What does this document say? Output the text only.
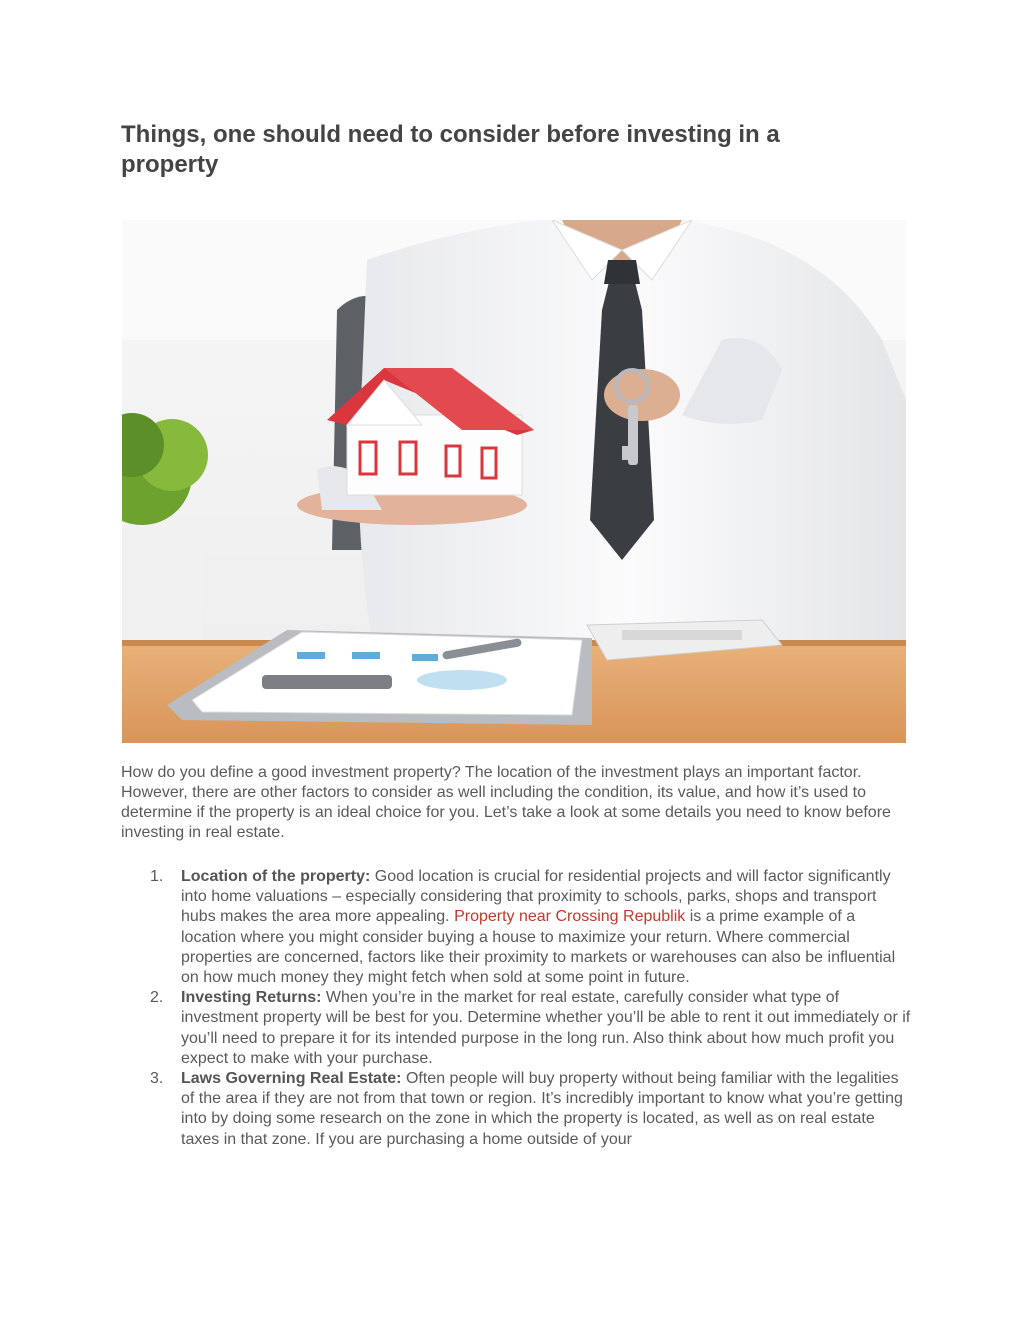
Things, one should need to consider before investing in a property

How do you define a good investment property? The location of the investment plays an important factor. However, there are other factors to consider as well including the condition, its value, and how it’s used to determine if the property is an ideal choice for you. Let’s take a look at some details you need to know before investing in real estate.

1. Location of the property: Good location is crucial for residential projects and will factor significantly into home valuations – especially considering that proximity to schools, parks, shops and transport hubs makes the area more appealing. Property near Crossing Republik is a prime example of a location where you might consider buying a house to maximize your return. Where commercial properties are concerned, factors like their proximity to markets or warehouses can also be influential on how much money they might fetch when sold at some point in future.
2. Investing Returns: When you’re in the market for real estate, carefully consider what type of investment property will be best for you. Determine whether you’ll be able to rent it out immediately or if you’ll need to prepare it for its intended purpose in the long run. Also think about how much profit you expect to make with your purchase.
3. Laws Governing Real Estate: Often people will buy property without being familiar with the legalities of the area if they are not from that town or region. It’s incredibly important to know what you’re getting into by doing some research on the zone in which the property is located, as well as on real estate taxes in that zone. If you are purchasing a home outside of your
